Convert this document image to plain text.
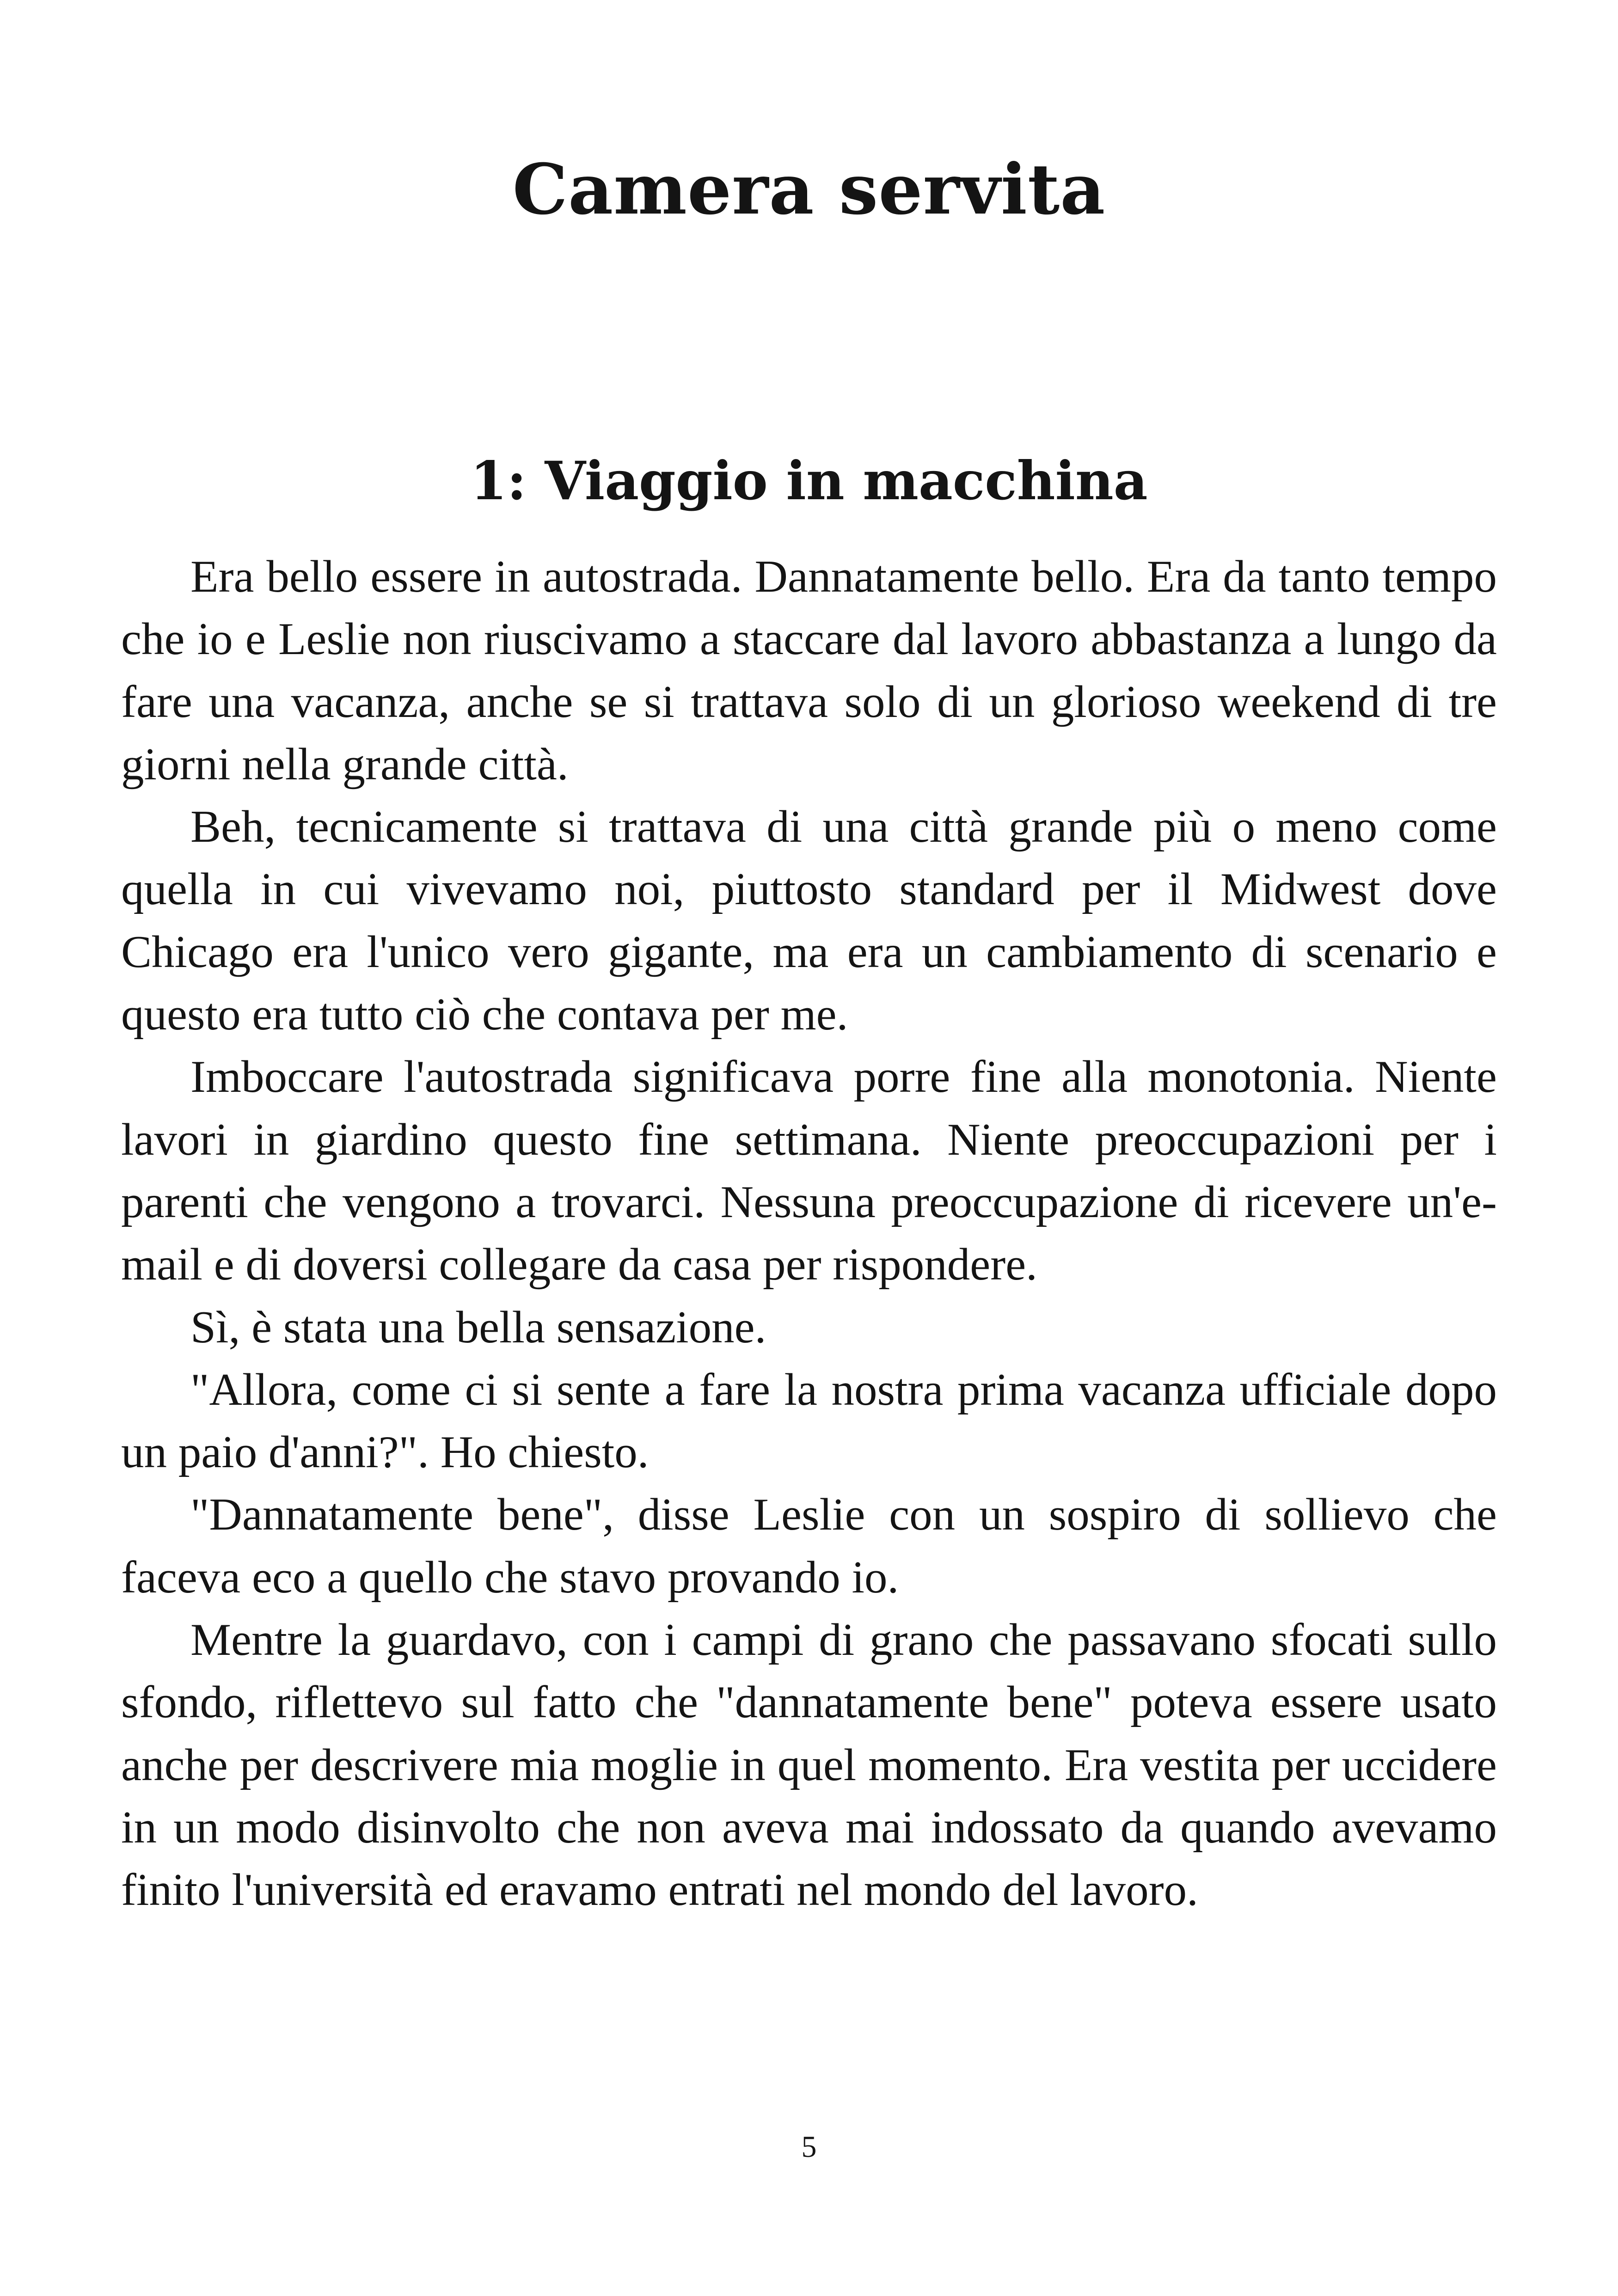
Camera servita
1: Viaggio in macchina

Era bello essere in autostrada. Dannatamente bello. Era da tanto tempo che io e Leslie non riuscivamo a staccare dal lavoro abbastanza a lungo da fare una vacanza, anche se si trattava solo di un glorioso weekend di tre giorni nella grande città.

Beh, tecnicamente si trattava di una città grande più o meno come quella in cui vivevamo noi, piuttosto standard per il Midwest dove Chicago era l'unico vero gigante, ma era un cambiamento di scenario e questo era tutto ciò che contava per me.

Imboccare l'autostrada significava porre fine alla monotonia. Niente lavori in giardino questo fine settimana. Niente preoccupazioni per i parenti che vengono a trovarci. Nessuna preoccupazione di ricevere un'e-mail e di doversi collegare da casa per rispondere.

Sì, è stata una bella sensazione.

"Allora, come ci si sente a fare la nostra prima vacanza ufficiale dopo un paio d'anni?". Ho chiesto.

"Dannatamente bene", disse Leslie con un sospiro di sollievo che faceva eco a quello che stavo provando io.

Mentre la guardavo, con i campi di grano che passavano sfocati sullo sfondo, riflettevo sul fatto che "dannatamente bene" poteva essere usato anche per descrivere mia moglie in quel momento. Era vestita per uccidere in un modo disinvolto che non aveva mai indossato da quando avevamo finito l'università ed eravamo entrati nel mondo del lavoro.

5
